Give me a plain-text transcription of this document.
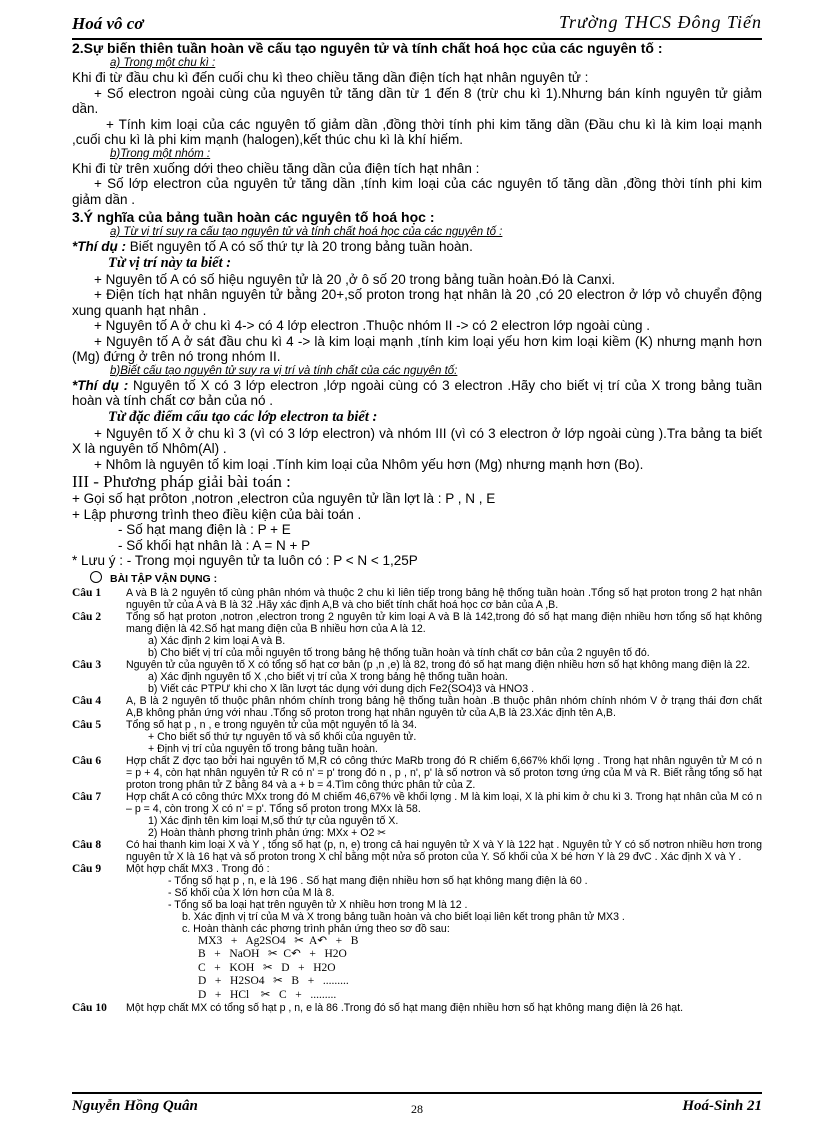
Hoá vô cơ	Trường THCS Đông Tiến

2.Sự biến thiên tuần hoàn về cấu tạo nguyên tử và tính chất hoá học của các nguyên tố :

a) Trong một chu kì :

Khi đi từ đầu chu kì đến cuối chu kì theo chiều tăng dần điện tích hạt nhân nguyên tử :

+ Số electron ngoài cùng của nguyên tử tăng dần từ 1 đến 8 (trừ chu kì 1).Nhưng bán kính nguyên tử giảm dần.

+ Tính kim loại của các nguyên tố giảm dần ,đồng thời tính phi kim tăng dần (Đầu chu kì là kim loại mạnh ,cuối chu kì là phi kim mạnh (halogen),kết thúc chu kì là khí hiếm.

b)Trong một nhóm :

Khi đi từ trên xuống dới theo chiều tăng dần của điện tích hạt nhân :

+ Số lớp electron của nguyên tử tăng dần ,tính kim loại của các nguyên tố tăng dần ,đồng thời tính phi kim giảm dần .

3.Ý nghĩa của bảng tuần hoàn các nguyên tố hoá học :

a) Từ vị trí suy ra cấu tạo nguyên tử và tính chất hoá học của các nguyên tố :

*Thí dụ : Biết nguyên tố A có số thứ tự là 20 trong bảng tuần hoàn.

Từ vị trí này ta biết :

+ Nguyên tố A có số hiệu nguyên tử là 20 ,ở ô số 20 trong bảng tuần hoàn.Đó là Canxi.

+ Điện tích hạt nhân nguyên tử bằng 20+,số proton trong hạt nhân là 20 ,có 20 electron ở lớp vỏ chuyển động xung quanh hạt nhân .

+ Nguyên tố A ở chu kì 4-> có 4 lớp electron .Thuộc nhóm II -> có 2 electron lớp ngoài cùng .

+ Nguyên tố A ở sát đầu chu kì 4 -> là kim loại mạnh ,tính kim loại yếu hơn kim loại kiềm (K) nhưng mạnh hơn (Mg) đứng ở trên nó trong nhóm II.

b)Biết cấu tạo nguyên tử suy ra vị trí và tính chất của các nguyên tố:

*Thí dụ : Nguyên tố X có 3 lớp electron ,lớp ngoài cùng có 3 electron .Hãy cho biết vị trí của X trong bảng tuần hoàn và tính chất cơ bản của nó .

Từ đặc điểm cấu tạo các lớp electron ta biết :

+ Nguyên tố X ở chu kì 3 (vì có 3 lớp electron) và nhóm III (vì có 3 electron ở lớp ngoài cùng ).Tra bảng ta biết X là nguyên tố Nhôm(Al) .

+ Nhôm là nguyên tố kim loại .Tính kim loại của Nhôm yếu hơn (Mg) nhưng mạnh hơn (Bo).

III - Phương pháp giải bài toán :

+ Gọi số hạt prôton ,notron ,electron của nguyên tử lần lợt là : P , N , E

+ Lập phương trình theo điều kiện của bài toán .

- Số hạt mang điện là : P + E

- Số khối hạt nhân là : A = N + P

* Lưu ý : - Trong mọi nguyên tử ta luôn có : P < N < 1,25P

BÀI TẬP VẬN DỤNG :

Câu 1	A và B là 2 nguyên tố cùng phân nhóm và thuộc 2 chu kì liên tiếp trong bảng hệ thống tuần hoàn .Tổng số hạt proton trong 2 hạt nhân nguyên tử của A và B là 32 .Hãy xác định A,B và cho biết tính chất hoá học cơ bản của A ,B.
Câu 2	Tổng số hạt proton ,notron ,electron trong 2 nguyên tử kim loại A và B là 142,trong đó số hạt mang điện nhiều hơn tổng số hạt không mang điện là 42.Số hạt mang điện của B nhiều hơn của A là 12.

a) Xác định 2 kim loại A và B.

b) Cho biết vị trí của mỗi nguyên tố trong bảng hệ thống tuần hoàn và tính chất cơ bản của 2 nguyên tố đó.

Câu 3	Nguyên tử của nguyên tố X có tổng số hạt cơ bản (p ,n ,e) là 82, trong đó số hạt mang điện nhiều hơn số hạt không mang điện là 22.

a) Xác định nguyên tố X ,cho biết vị trí của X trong bảng hệ thống tuần hoàn.

b) Viết các PTPƯ khi cho X lần lượt tác dụng với dung dịch Fe2(SO4)3 và HNO3 .

Câu 4	A, B là 2 nguyên tố thuộc phân nhóm chính trong bảng hệ thống tuần hoàn .B thuộc phân nhóm chính nhóm V ở trạng thái đơn chất A,B không phản ứng với nhau .Tổng số proton trong hạt nhân nguyên tử của A,B là 23.Xác định tên A,B.
Câu 5	Tổng số hạt p , n , e trong nguyên tử của một nguyên tố là 34.

+ Cho biết số thứ tự nguyên tố và số khối của nguyên tử.

+ Định vị trí của nguyên tố trong bảng tuần hoàn.

Câu 6	Hợp chất Z đợc tạo bởi hai nguyên tố M,R có công thức MaRb trong đó R chiếm 6,667% khối lợng . Trong hạt nhân nguyên tử M có n = p + 4, còn hạt nhân nguyên tử R có n' = p' trong đó n , p , n', p' là số nơtron và số proton tơng ứng của M và R. Biết rằng tổng số hạt proton trong phân tử Z bằng 84 và a + b = 4.Tìm công thức phân tử của Z.
Câu 7	Hợp chất A có công thức MXx trong đó M chiếm 46,67% về khối lợng . M là kim loại, X là phi kim ở chu kì 3. Trong hạt nhân của M có n – p = 4, còn trong X có n' = p'. Tổng số proton trong MXx là 58.

1) Xác định tên kim loại M,số thứ tự của nguyên tố X.

2) Hoàn thành phơng trình phản ứng: MXx + O2 ✂

Câu 8	Có hai thanh kim loại X và Y , tổng số hạt (p, n, e) trong cả hai nguyên tử X và Y là 122 hạt . Nguyên tử Y có số nơtron nhiều hơn trong nguyên tử X là 16 hạt và số proton trong X chỉ bằng một nửa số proton của Y. Số khối của X bé hơn Y là 29 đvC . Xác định X và Y .
Câu 9	Một hợp chất MX3 . Trong đó :

- Tổng số hạt p , n, e là 196 . Số hạt mang điện nhiều hơn số hạt không mang điện là 60 .

- Số khối của X lớn hơn của M là 8.

- Tổng số ba loại hạt trên nguyên tử X nhiều hơn trong M là 12 .

b. Xác định vị trí của M và X trong bảng tuần hoàn và cho biết loại liên kết trong phân tử MX3 .

c. Hoàn thành các phơng trình phản ứng theo sơ đồ sau:

MX3   +   Ag2SO4   ✂  A↶   +   B

B   +   NaOH   ✂  C↶   +   H2O

C   +   KOH   ✂   D   +   H2O

D   +   H2SO4   ✂   B   +   .........

D   +   HCl    ✂   C   +   .........

Câu 10	Một hợp chất MX có tổng số hạt p , n, e là 86 .Trong đó số hạt mang điện nhiều hơn số hạt không mang điện là 26 hạt.
Nguyễn Hồng Quân	28	Hoá-Sinh 21
